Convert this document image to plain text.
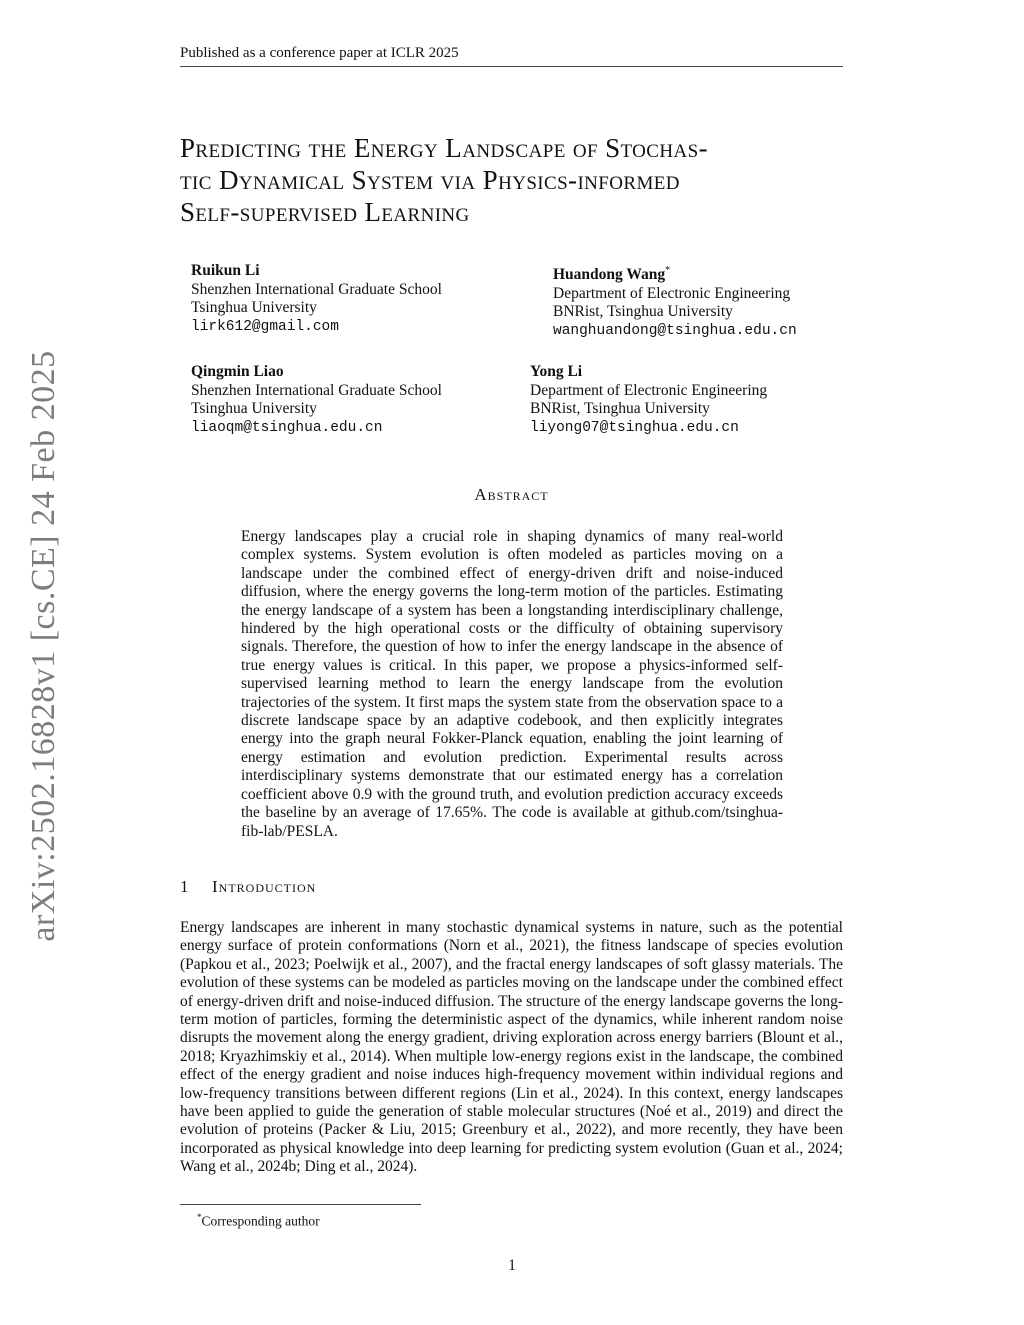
Published as a conference paper at ICLR 2025
arXiv:2502.16828v1 [cs.CE] 24 Feb 2025
Predicting the Energy Landscape of Stochas-
tic Dynamical System via Physics-informed
Self-supervised Learning
Ruikun Li
Shenzhen International Graduate School
Tsinghua University
lirk612@gmail.com
Huandong Wang*
Department of Electronic Engineering
BNRist, Tsinghua University
wanghuandong@tsinghua.edu.cn
Qingmin Liao
Shenzhen International Graduate School
Tsinghua University
liaoqm@tsinghua.edu.cn
Yong Li
Department of Electronic Engineering
BNRist, Tsinghua University
liyong07@tsinghua.edu.cn
Abstract

Energy landscapes play a crucial role in shaping dynamics of many real-world complex systems. System evolution is often modeled as particles moving on a landscape under the combined effect of energy-driven drift and noise-induced diffusion, where the energy governs the long-term motion of the particles. Estimating the energy landscape of a system has been a longstanding interdisciplinary challenge, hindered by the high operational costs or the difficulty of obtaining supervisory signals. Therefore, the question of how to infer the energy landscape in the absence of true energy values is critical. In this paper, we propose a physics-informed self-supervised learning method to learn the energy landscape from the evolution trajectories of the system. It first maps the system state from the observation space to a discrete landscape space by an adaptive codebook, and then explicitly integrates energy into the graph neural Fokker-Planck equation, enabling the joint learning of energy estimation and evolution prediction. Experimental results across interdisciplinary systems demonstrate that our estimated energy has a correlation coefficient above 0.9 with the ground truth, and evolution prediction accuracy exceeds the baseline by an average of 17.65%. The code is available at github.com/tsinghua-fib-lab/PESLA.

1 Introduction

Energy landscapes are inherent in many stochastic dynamical systems in nature, such as the potential energy surface of protein conformations (Norn et al., 2021), the fitness landscape of species evolution (Papkou et al., 2023; Poelwijk et al., 2007), and the fractal energy landscapes of soft glassy materials. The evolution of these systems can be modeled as particles moving on the landscape under the combined effect of energy-driven drift and noise-induced diffusion. The structure of the energy landscape governs the long-term motion of particles, forming the deterministic aspect of the dynamics, while inherent random noise disrupts the movement along the energy gradient, driving exploration across energy barriers (Blount et al., 2018; Kryazhimskiy et al., 2014). When multiple low-energy regions exist in the landscape, the combined effect of the energy gradient and noise induces high-frequency movement within individual regions and low-frequency transitions between different regions (Lin et al., 2024). In this context, energy landscapes have been applied to guide the generation of stable molecular structures (Noé et al., 2019) and direct the evolution of proteins (Packer & Liu, 2015; Greenbury et al., 2022), and more recently, they have been incorporated as physical knowledge into deep learning for predicting system evolution (Guan et al., 2024; Wang et al., 2024b; Ding et al., 2024).

*Corresponding author
1
